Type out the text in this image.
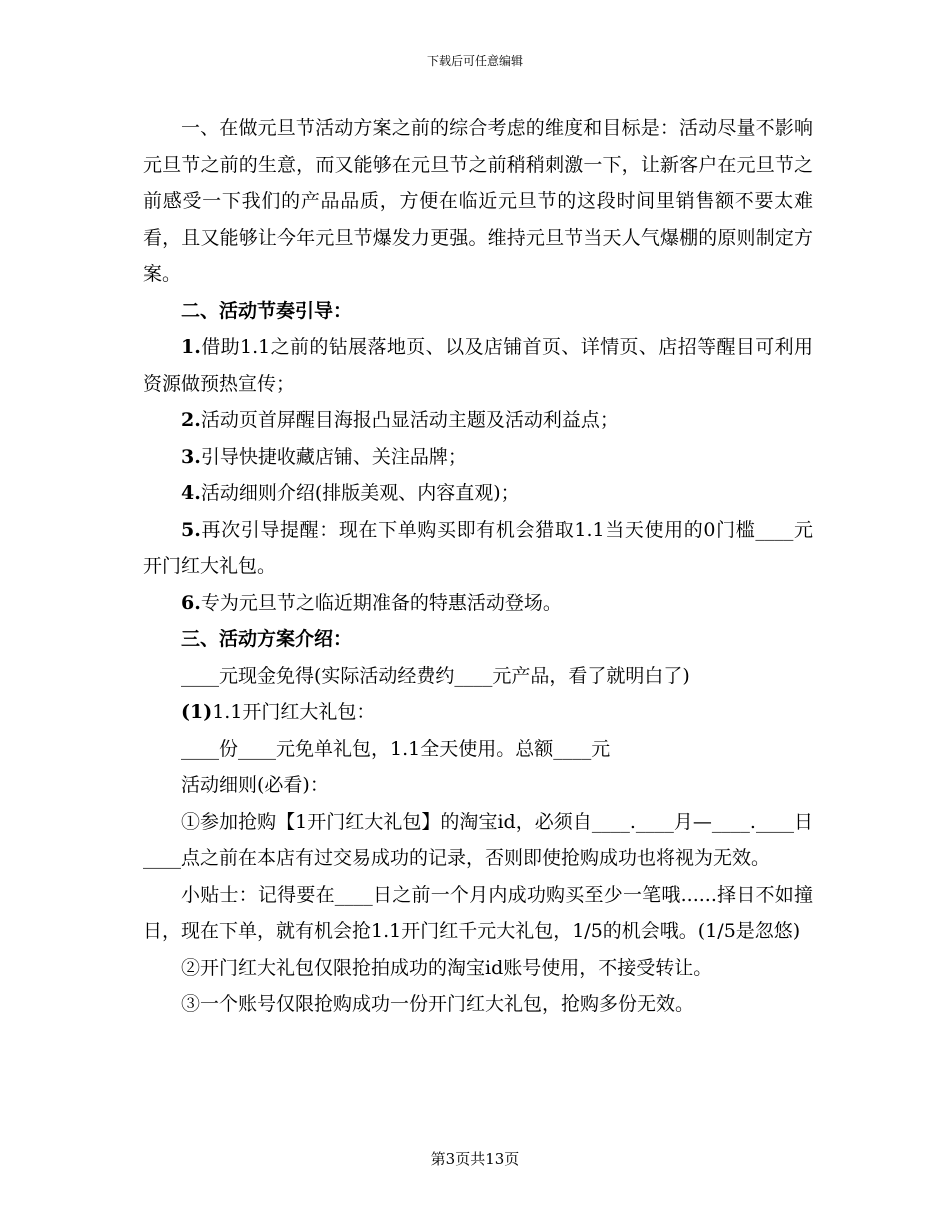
下载后可任意编辑

一、在做元旦节活动方案之前的综合考虑的维度和目标是：活动尽量不影响元旦节之前的生意，而又能够在元旦节之前稍稍刺激一下，让新客户在元旦节之前感受一下我们的产品品质，方便在临近元旦节的这段时间里销售额不要太难看，且又能够让今年元旦节爆发力更强。维持元旦节当天人气爆棚的原则制定方案。

二、活动节奏引导：

1.借助1.1之前的钻展落地页、以及店铺首页、详情页、店招等醒目可利用资源做预热宣传；

2.活动页首屏醒目海报凸显活动主题及活动利益点；

3.引导快捷收藏店铺、关注品牌；

4.活动细则介绍(排版美观、内容直观)；

5.再次引导提醒：现在下单购买即有机会猎取1.1当天使用的0门槛____元开门红大礼包。

6.专为元旦节之临近期准备的特惠活动登场。

三、活动方案介绍：

____元现金免得(实际活动经费约____元产品，看了就明白了)

(1)1.1开门红大礼包：

____份____元免单礼包，1.1全天使用。总额____元

活动细则(必看)：

①参加抢购【1开门红大礼包】的淘宝id，必须自____.____月—____.____日____点之前在本店有过交易成功的记录，否则即使抢购成功也将视为无效。

小贴士：记得要在____日之前一个月内成功购买至少一笔哦......择日不如撞日，现在下单，就有机会抢1.1开门红千元大礼包，1/5的机会哦。(1/5是忽悠)

②开门红大礼包仅限抢拍成功的淘宝id账号使用，不接受转让。

③一个账号仅限抢购成功一份开门红大礼包，抢购多份无效。

第3页共13页
